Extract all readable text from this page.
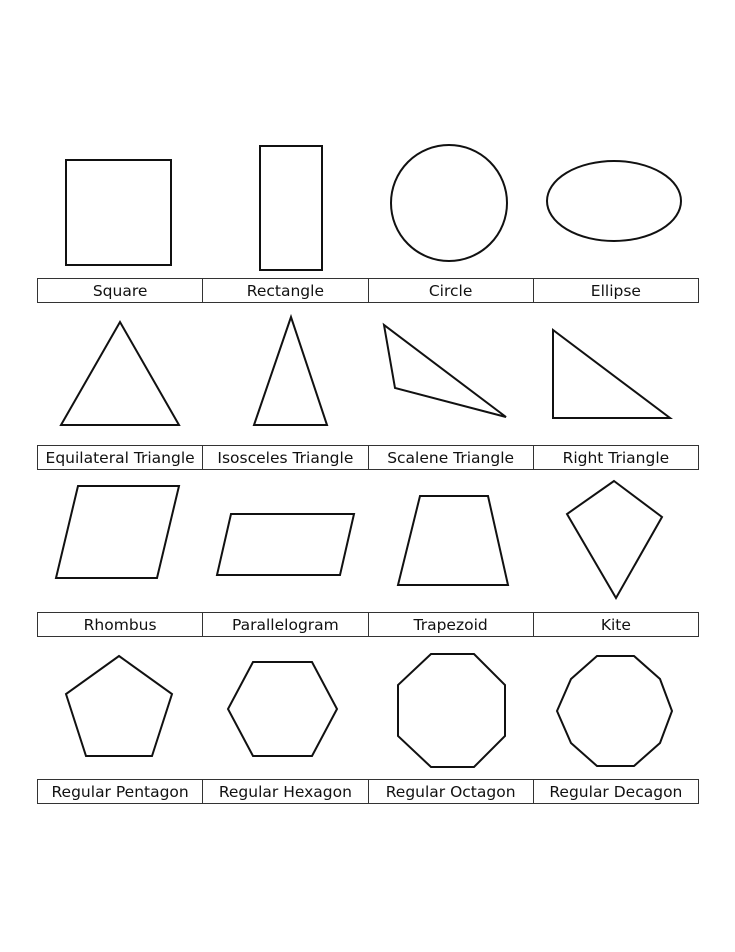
Square	Rectangle	Circle	Ellipse
Equilateral Triangle	Isosceles Triangle	Scalene Triangle	Right Triangle
Rhombus	Parallelogram	Trapezoid	Kite
Regular Pentagon	Regular Hexagon	Regular Octagon	Regular Decagon
